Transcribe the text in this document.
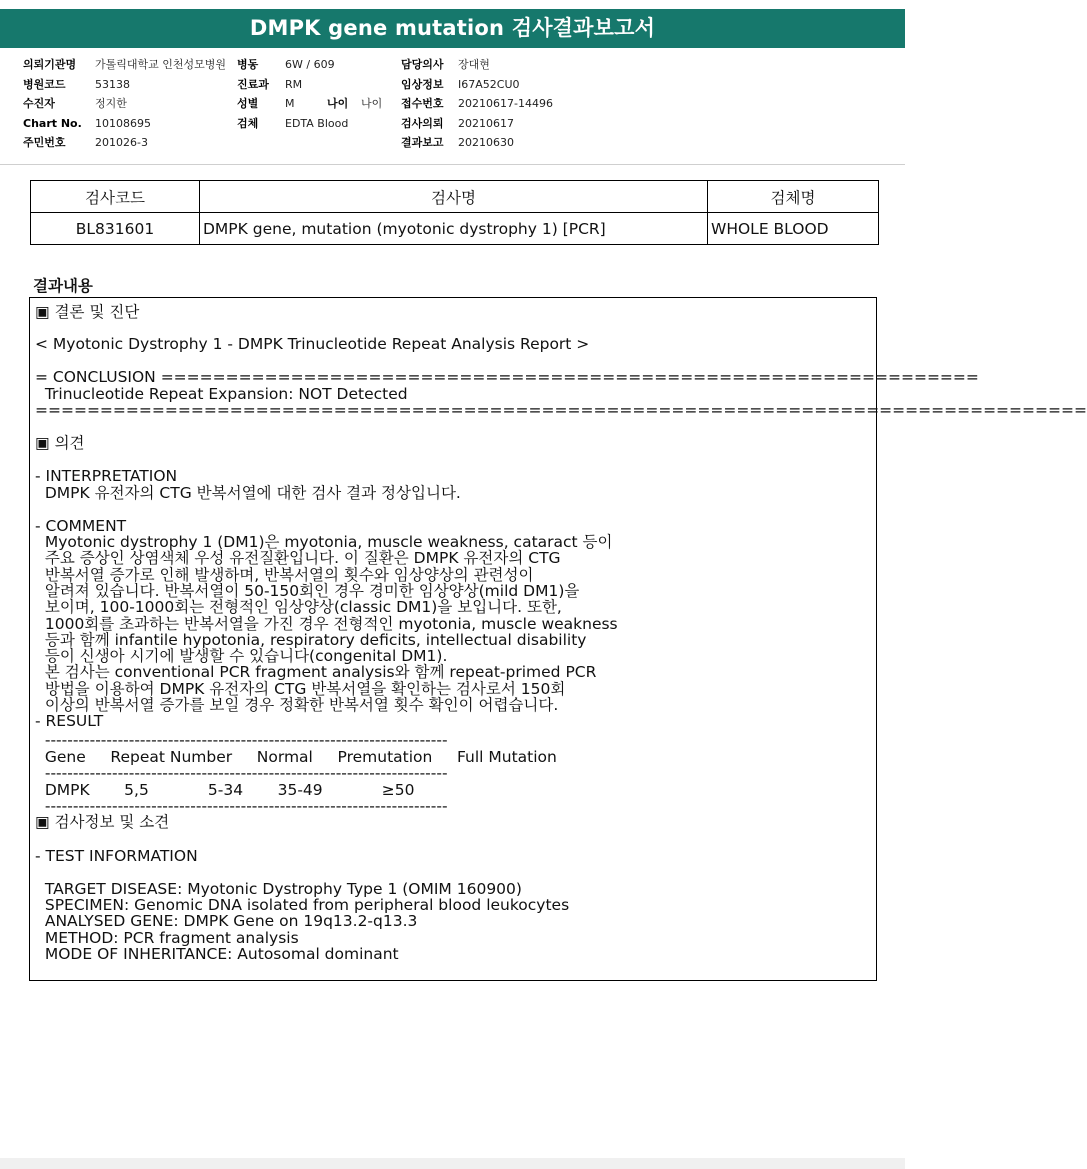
DMPK gene mutation 검사결과보고서
의뢰기관명 가톨릭대학교 인천성모병원
병원코드	53138
수진자	정지한
Chart No. 10108695
주민번호	201026-3
병동 6W / 609
진료과 RM
성별 M	나이 나이
검체 EDTA Blood
담당의사 장대현
임상정보 I67A52CU0
접수번호 20210617-14496
검사의뢰 20210617
결과보고 20210630
검사코드	검사명	검체명
BL831601	DMPK gene, mutation (myotonic dystrophy 1) [PCR]	WHOLE BLOOD
결과내용
▣ 결론 및 진단
< Myotonic Dystrophy 1 - DMPK Trinucleotide Repeat Analysis Report >
= CONCLUSION ===============================================================
Trinucleotide Repeat Expansion: NOT Detected
=================================================================================
▣ 의견
- INTERPRETATION
DMPK 유전자의 CTG 반복서열에 대한 검사 결과 정상입니다.
- COMMENT
Myotonic dystrophy 1 (DM1)은 myotonia, muscle weakness, cataract 등이
주요 증상인 상염색체 우성 유전질환입니다. 이 질환은 DMPK 유전자의 CTG
반복서열 증가로 인해 발생하며, 반복서열의 횟수와 임상양상의 관련성이
알려져 있습니다. 반복서열이 50-150회인 경우 경미한 임상양상(mild DM1)을
보이며, 100-1000회는 전형적인 임상양상(classic DM1)을 보입니다. 또한,
1000회를 초과하는 반복서열을 가진 경우 전형적인 myotonia, muscle weakness
등과 함께 infantile hypotonia, respiratory deficits, intellectual disability
등이 신생아 시기에 발생할 수 있습니다(congenital DM1).
본 검사는 conventional PCR fragment analysis와 함께 repeat-primed PCR
방법을 이용하여 DMPK 유전자의 CTG 반복서열을 확인하는 검사로서 150회
이상의 반복서열 증가를 보일 경우 정확한 반복서열 횟수 확인이 어렵습니다.
- RESULT
------------------------------------------------------------------------
Gene     Repeat Number     Normal     Premutation     Full Mutation
------------------------------------------------------------------------
DMPK       5,5            5-34       35-49            ≥50
------------------------------------------------------------------------
▣ 검사정보 및 소견
- TEST INFORMATION
TARGET DISEASE: Myotonic Dystrophy Type 1 (OMIM 160900)
SPECIMEN: Genomic DNA isolated from peripheral blood leukocytes
ANALYSED GENE: DMPK Gene on 19q13.2-q13.3
METHOD: PCR fragment analysis
MODE OF INHERITANCE: Autosomal dominant
